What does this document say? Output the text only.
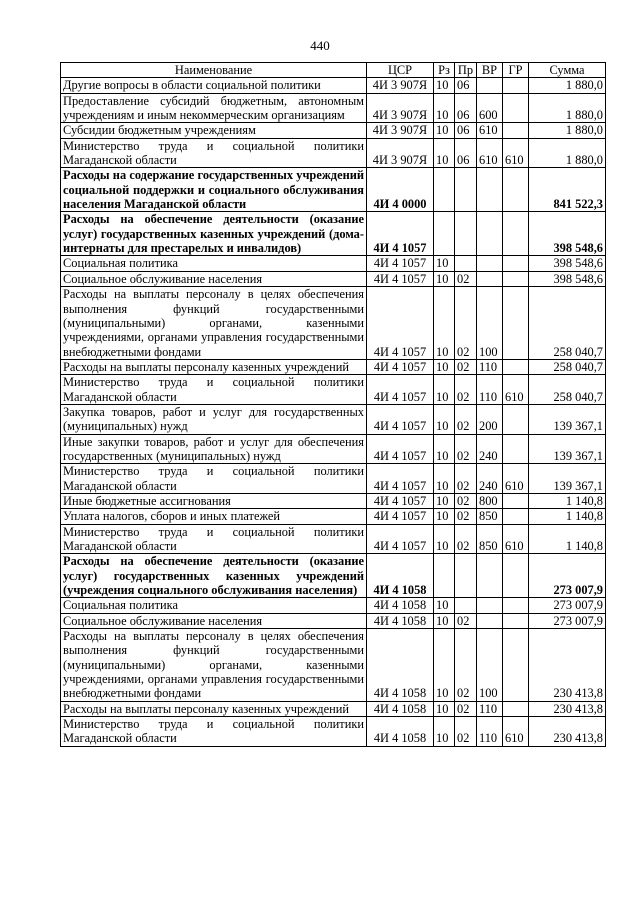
440
Наименование	ЦСР	Рз	Пр	ВР	ГР	Сумма
Другие вопросы в области социальной политики	4И 3 907Я	10	06			1 880,0
Предоставление субсидий бюджетным, автономным учреждениям и иным некоммерческим организациям	4И 3 907Я	10	06	600		1 880,0
Субсидии бюджетным учреждениям	4И 3 907Я	10	06	610		1 880,0
Министерство труда и социальной политики Магаданской области	4И 3 907Я	10	06	610	610	1 880,0
Расходы на содержание государственных учреждений социальной поддержки и социального обслуживания населения Магаданской области	4И 4 0000					841 522,3
Расходы на обеспечение деятельности (оказание услуг) государственных казенных учреждений (дома-интернаты для престарелых и инвалидов)	4И 4 1057					398 548,6
Социальная политика	4И 4 1057	10				398 548,6
Социальное обслуживание населения	4И 4 1057	10	02			398 548,6
Расходы на выплаты персоналу в целях обеспечения выполнения функций государственными (муниципальными) органами, казенными учреждениями, органами управления государственными внебюджетными фондами	4И 4 1057	10	02	100		258 040,7
Расходы на выплаты персоналу казенных учреждений	4И 4 1057	10	02	110		258 040,7
Министерство труда и социальной политики Магаданской области	4И 4 1057	10	02	110	610	258 040,7
Закупка товаров, работ и услуг для государственных (муниципальных) нужд	4И 4 1057	10	02	200		139 367,1
Иные закупки товаров, работ и услуг для обеспечения государственных (муниципальных) нужд	4И 4 1057	10	02	240		139 367,1
Министерство труда и социальной политики Магаданской области	4И 4 1057	10	02	240	610	139 367,1
Иные бюджетные ассигнования	4И 4 1057	10	02	800		1 140,8
Уплата налогов, сборов и иных платежей	4И 4 1057	10	02	850		1 140,8
Министерство труда и социальной политики Магаданской области	4И 4 1057	10	02	850	610	1 140,8
Расходы на обеспечение деятельности (оказание услуг) государственных казенных учреждений (учреждения социального обслуживания населения)	4И 4 1058					273 007,9
Социальная политика	4И 4 1058	10				273 007,9
Социальное обслуживание населения	4И 4 1058	10	02			273 007,9
Расходы на выплаты персоналу в целях обеспечения выполнения функций государственными (муниципальными) органами, казенными учреждениями, органами управления государственными внебюджетными фондами	4И 4 1058	10	02	100		230 413,8
Расходы на выплаты персоналу казенных учреждений	4И 4 1058	10	02	110		230 413,8
Министерство труда и социальной политики Магаданской области	4И 4 1058	10	02	110	610	230 413,8
